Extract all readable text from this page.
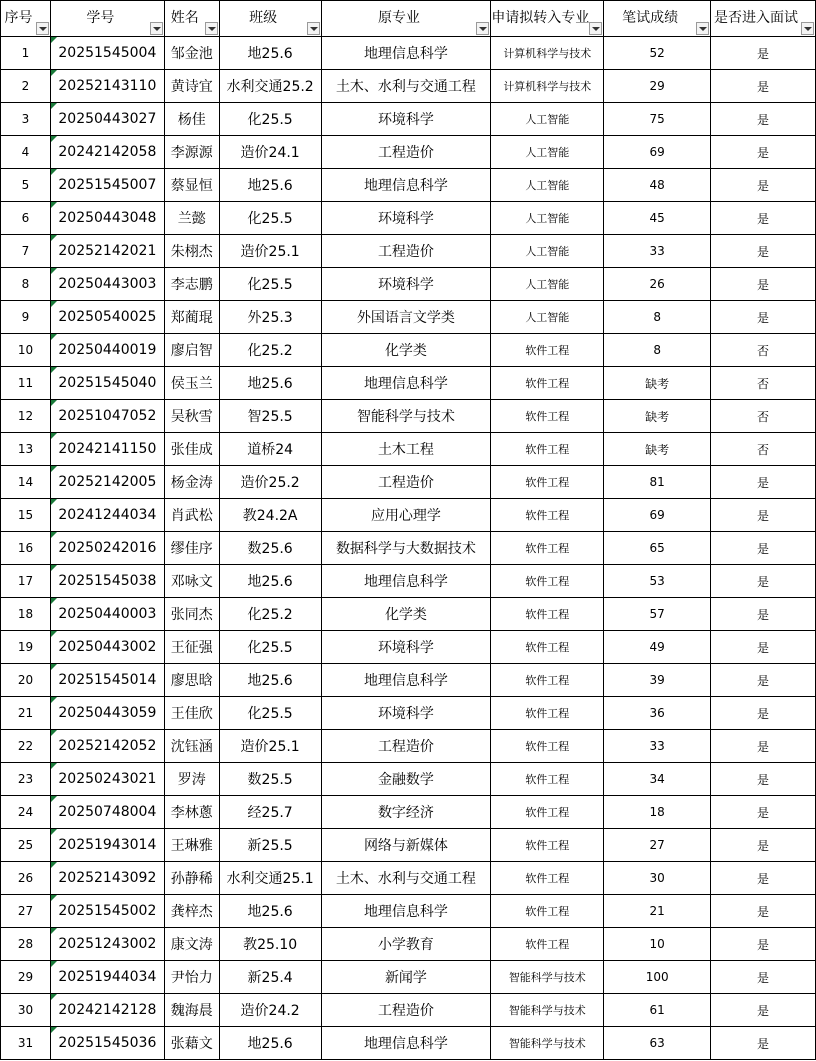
序号	学号	姓名	班级	原专业	申请拟转入专业	笔试成绩	是否进入面试

1	20251545004	邹金池	地25.6	地理信息科学	计算机科学与技术	52	是
2	20252143110	黄诗宜	水利交通25.2	土木、水利与交通工程	计算机科学与技术	29	是
3	20250443027	杨佳	化25.5	环境科学	人工智能	75	是
4	20242142058	李源源	造价24.1	工程造价	人工智能	69	是
5	20251545007	蔡显恒	地25.6	地理信息科学	人工智能	48	是
6	20250443048	兰懿	化25.5	环境科学	人工智能	45	是
7	20252142021	朱栩杰	造价25.1	工程造价	人工智能	33	是
8	20250443003	李志鹏	化25.5	环境科学	人工智能	26	是
9	20250540025	郑蔺琨	外25.3	外国语言文学类	人工智能	8	是
10	20250440019	廖启智	化25.2	化学类	软件工程	8	否
11	20251545040	侯玉兰	地25.6	地理信息科学	软件工程	缺考	否
12	20251047052	吴秋雪	智25.5	智能科学与技术	软件工程	缺考	否
13	20242141150	张佳成	道桥24	土木工程	软件工程	缺考	否
14	20252142005	杨金涛	造价25.2	工程造价	软件工程	81	是
15	20241244034	肖武松	教24.2A	应用心理学	软件工程	69	是
16	20250242016	缪佳序	数25.6	数据科学与大数据技术	软件工程	65	是
17	20251545038	邓咏文	地25.6	地理信息科学	软件工程	53	是
18	20250440003	张同杰	化25.2	化学类	软件工程	57	是
19	20250443002	王征强	化25.5	环境科学	软件工程	49	是
20	20251545014	廖思晗	地25.6	地理信息科学	软件工程	39	是
21	20250443059	王佳欣	化25.5	环境科学	软件工程	36	是
22	20252142052	沈钰涵	造价25.1	工程造价	软件工程	33	是
23	20250243021	罗涛	数25.5	金融数学	软件工程	34	是
24	20250748004	李林蔥	经25.7	数字经济	软件工程	18	是
25	20251943014	王琳雅	新25.5	网络与新媒体	软件工程	27	是
26	20252143092	孙静稀	水利交通25.1	土木、水利与交通工程	软件工程	30	是
27	20251545002	龚梓杰	地25.6	地理信息科学	软件工程	21	是
28	20251243002	康文涛	教25.10	小学教育	软件工程	10	是
29	20251944034	尹怡力	新25.4	新闻学	智能科学与技术	100	是
30	20242142128	魏海晨	造价24.2	工程造价	智能科学与技术	61	是
31	20251545036	张藉文	地25.6	地理信息科学	智能科学与技术	63	是
